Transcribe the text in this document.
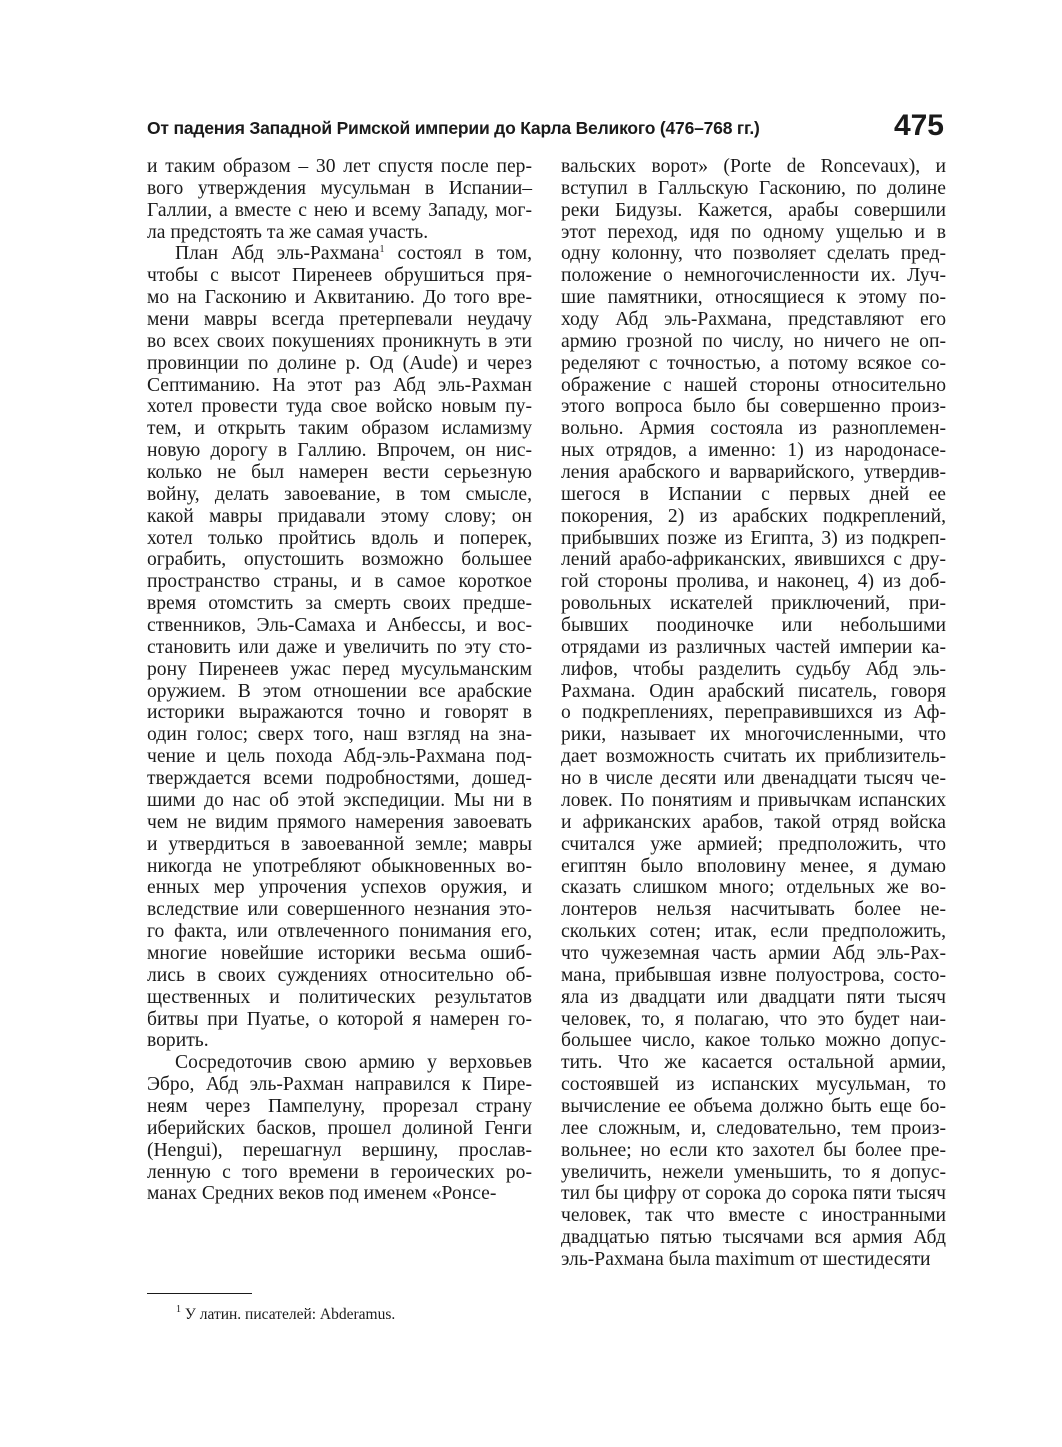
От падения Западной Римской империи до Карла Великого (476–768 гг.)	475
и таким образом – 30 лет спустя после пер-
вого утверждения мусульман в Испании–
Галлии, а вместе с нею и всему Западу, мог-
ла предстоять та же самая участь.
План Абд эль-Рахмана$^1$ состоял в том,
чтобы с высот Пиренеев обрушиться пря-
мо на Гасконию и Аквитанию. До того вре-
мени мавры всегда претерпевали неудачу
во всех своих покушениях проникнуть в эти
провинции по долине р. Од (Aude) и через
Септиманию. На этот раз Абд эль-Рахман
хотел провести туда свое войско новым пу-
тем, и открыть таким образом исламизму
новую дорогу в Галлию. Впрочем, он нис-
колько не был намерен вести серьезную
войну, делать завоевание, в том смысле,
какой мавры придавали этому слову; он
хотел только пройтись вдоль и поперек,
ограбить, опустошить возможно большее
пространство страны, и в самое короткое
время отомстить за смерть своих предше-
ственников, Эль-Самаха и Анбессы, и вос-
становить или даже и увеличить по эту сто-
рону Пиренеев ужас перед мусульманским
оружием. В этом отношении все арабские
историки выражаются точно и говорят в
один голос; сверх того, наш взгляд на зна-
чение и цель похода Абд-эль-Рахмана под-
тверждается всеми подробностями, дошед-
шими до нас об этой экспедиции. Мы ни в
чем не видим прямого намерения завоевать
и утвердиться в завоеванной земле; мавры
никогда не употребляют обыкновенных во-
енных мер упрочения успехов оружия, и
вследствие или совершенного незнания это-
го факта, или отвлеченного понимания его,
многие новейшие историки весьма ошиб-
лись в своих суждениях относительно об-
щественных и политических результатов
битвы при Пуатье, о которой я намерен го-
ворить.
Сосредоточив свою армию у верховьев
Эбро, Абд эль-Рахман направился к Пире-
неям через Пампелуну, прорезал страну
иберийских басков, прошел долиной Генги
(Hengui), перешагнул вершину, прослав-
ленную с того времени в героических ро-
манах Средних веков под именем «Ронсе-
вальских ворот» (Porte de Roncevaux), и
вступил в Галльскую Гасконию, по долине
реки Бидузы. Кажется, арабы совершили
этот переход, идя по одному ущелью и в
одну колонну, что позволяет сделать пред-
положение о немногочисленности их. Луч-
шие памятники, относящиеся к этому по-
ходу Абд эль-Рахмана, представляют его
армию грозной по числу, но ничего не оп-
ределяют с точностью, а потому всякое со-
ображение с нашей стороны относительно
этого вопроса было бы совершенно произ-
вольно. Армия состояла из разноплемен-
ных отрядов, а именно: 1) из народонасе-
ления арабского и варварийского, утвердив-
шегося в Испании с первых дней ее
покорения, 2) из арабских подкреплений,
прибывших позже из Египта, 3) из подкреп-
лений арабо-африканских, явившихся с дру-
гой стороны пролива, и наконец, 4) из доб-
ровольных искателей приключений, при-
бывших поодиночке или небольшими
отрядами из различных частей империи ка-
лифов, чтобы разделить судьбу Абд эль-
Рахмана. Один арабский писатель, говоря
о подкреплениях, переправившихся из Аф-
рики, называет их многочисленными, что
дает возможность считать их приблизитель-
но в числе десяти или двенадцати тысяч че-
ловек. По понятиям и привычкам испанских
и африканских арабов, такой отряд войска
считался уже армией; предположить, что
египтян было вполовину менее, я думаю
сказать слишком много; отдельных же во-
лонтеров нельзя насчитывать более не-
скольких сотен; итак, если предположить,
что чужеземная часть армии Абд эль-Рах-
мана, прибывшая извне полуострова, состо-
яла из двадцати или двадцати пяти тысяч
человек, то, я полагаю, что это будет наи-
большее число, какое только можно допус-
тить. Что же касается остальной армии,
состоявшей из испанских мусульман, то
вычисление ее объема должно быть еще бо-
лее сложным, и, следовательно, тем произ-
вольнее; но если кто захотел бы более пре-
увеличить, нежели уменьшить, то я допус-
тил бы цифру от сорока до сорока пяти тысяч
человек, так что вместе с иностранными
двадцатью пятью тысячами вся армия Абд
эль-Рахмана была maximum от шестидесяти
$^1$ У латин. писателей: Abderamus.
